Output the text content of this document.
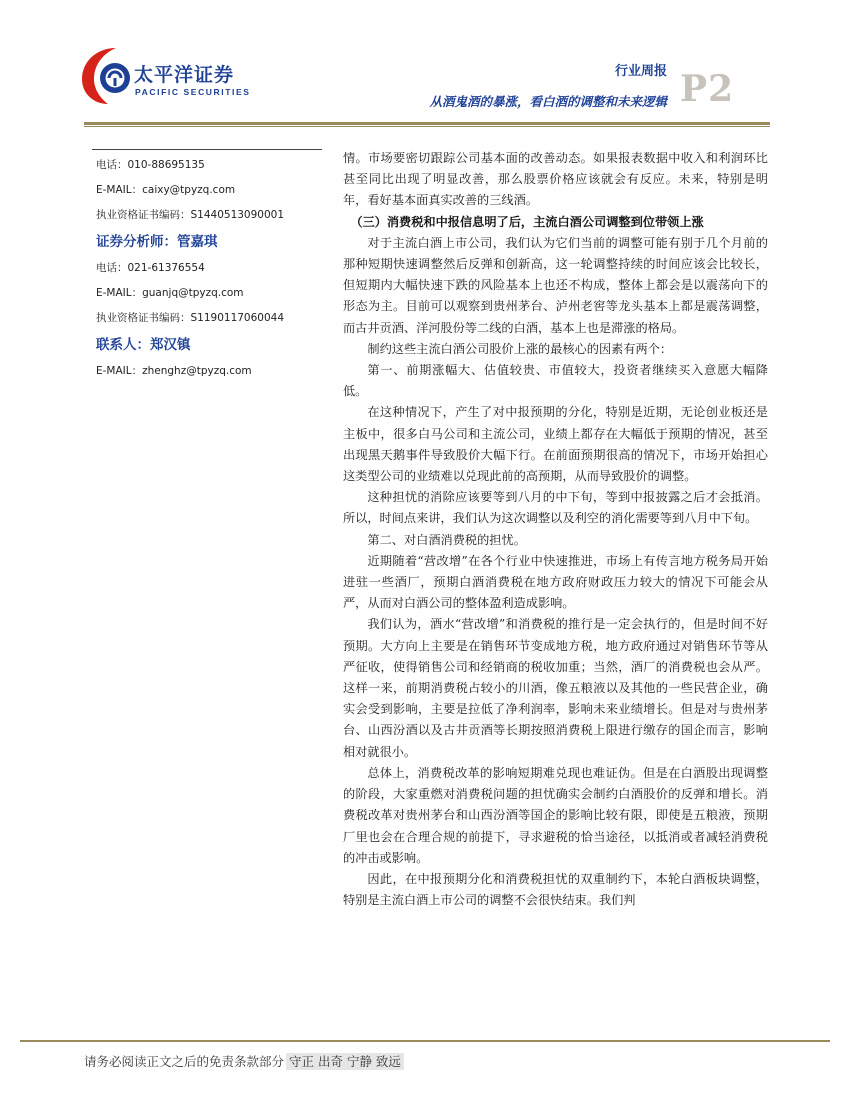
太平洋证券
PACIFIC SECURITIES
行业周报
从酒鬼酒的暴涨，看白酒的调整和未来逻辑 P2
电话：010-88695135
E-MAIL：caixy@tpyzq.com
执业资格证书编码：S1440513090001
证券分析师：管嘉琪
电话：021-61376554
E-MAIL：guanjq@tpyzq.com
执业资格证书编码：S1190117060044
联系人：郑汉镇
E-MAIL：zhenghz@tpyzq.com

情。市场要密切跟踪公司基本面的改善动态。如果报表数据中收入和利润环比甚至同比出现了明显改善，那么股票价格应该就会有反应。未来，特别是明年，看好基本面真实改善的三线酒。

（三）消费税和中报信息明了后，主流白酒公司调整到位带领上涨

对于主流白酒上市公司，我们认为它们当前的调整可能有别于几个月前的那种短期快速调整然后反弹和创新高，这一轮调整持续的时间应该会比较长，但短期内大幅快速下跌的风险基本上也还不构成，整体上都会是以震荡向下的形态为主。目前可以观察到贵州茅台、泸州老窖等龙头基本上都是震荡调整，而古井贡酒、洋河股份等二线的白酒，基本上也是滞涨的格局。

制约这些主流白酒公司股价上涨的最核心的因素有两个：

第一、前期涨幅大、估值较贵、市值较大，投资者继续买入意愿大幅降低。

在这种情况下，产生了对中报预期的分化，特别是近期，无论创业板还是主板中，很多白马公司和主流公司，业绩上都存在大幅低于预期的情况，甚至出现黑天鹅事件导致股价大幅下行。在前面预期很高的情况下，市场开始担心这类型公司的业绩难以兑现此前的高预期，从而导致股价的调整。

这种担忧的消除应该要等到八月的中下旬，等到中报披露之后才会抵消。所以，时间点来讲，我们认为这次调整以及利空的消化需要等到八月中下旬。

第二、对白酒消费税的担忧。

近期随着“营改增”在各个行业中快速推进，市场上有传言地方税务局开始进驻一些酒厂，预期白酒消费税在地方政府财政压力较大的情况下可能会从严，从而对白酒公司的整体盈利造成影响。

我们认为，酒水“营改增”和消费税的推行是一定会执行的，但是时间不好预期。大方向上主要是在销售环节变成地方税，地方政府通过对销售环节等从严征收，使得销售公司和经销商的税收加重；当然，酒厂的消费税也会从严。这样一来，前期消费税占较小的川酒，像五粮液以及其他的一些民营企业，确实会受到影响，主要是拉低了净利润率，影响未来业绩增长。但是对与贵州茅台、山西汾酒以及古井贡酒等长期按照消费税上限进行缴存的国企而言，影响相对就很小。

总体上，消费税改革的影响短期难兑现也难证伪。但是在白酒股出现调整的阶段，大家重燃对消费税问题的担忧确实会制约白酒股价的反弹和增长。消费税改革对贵州茅台和山西汾酒等国企的影响比较有限，即使是五粮液，预期厂里也会在合理合规的前提下，寻求避税的恰当途径，以抵消或者减轻消费税的冲击或影响。

因此，在中报预期分化和消费税担忧的双重制约下，本轮白酒板块调整，特别是主流白酒上市公司的调整不会很快结束。我们判

请务必阅读正文之后的免责条款部分 守正 出奇 宁静 致远
